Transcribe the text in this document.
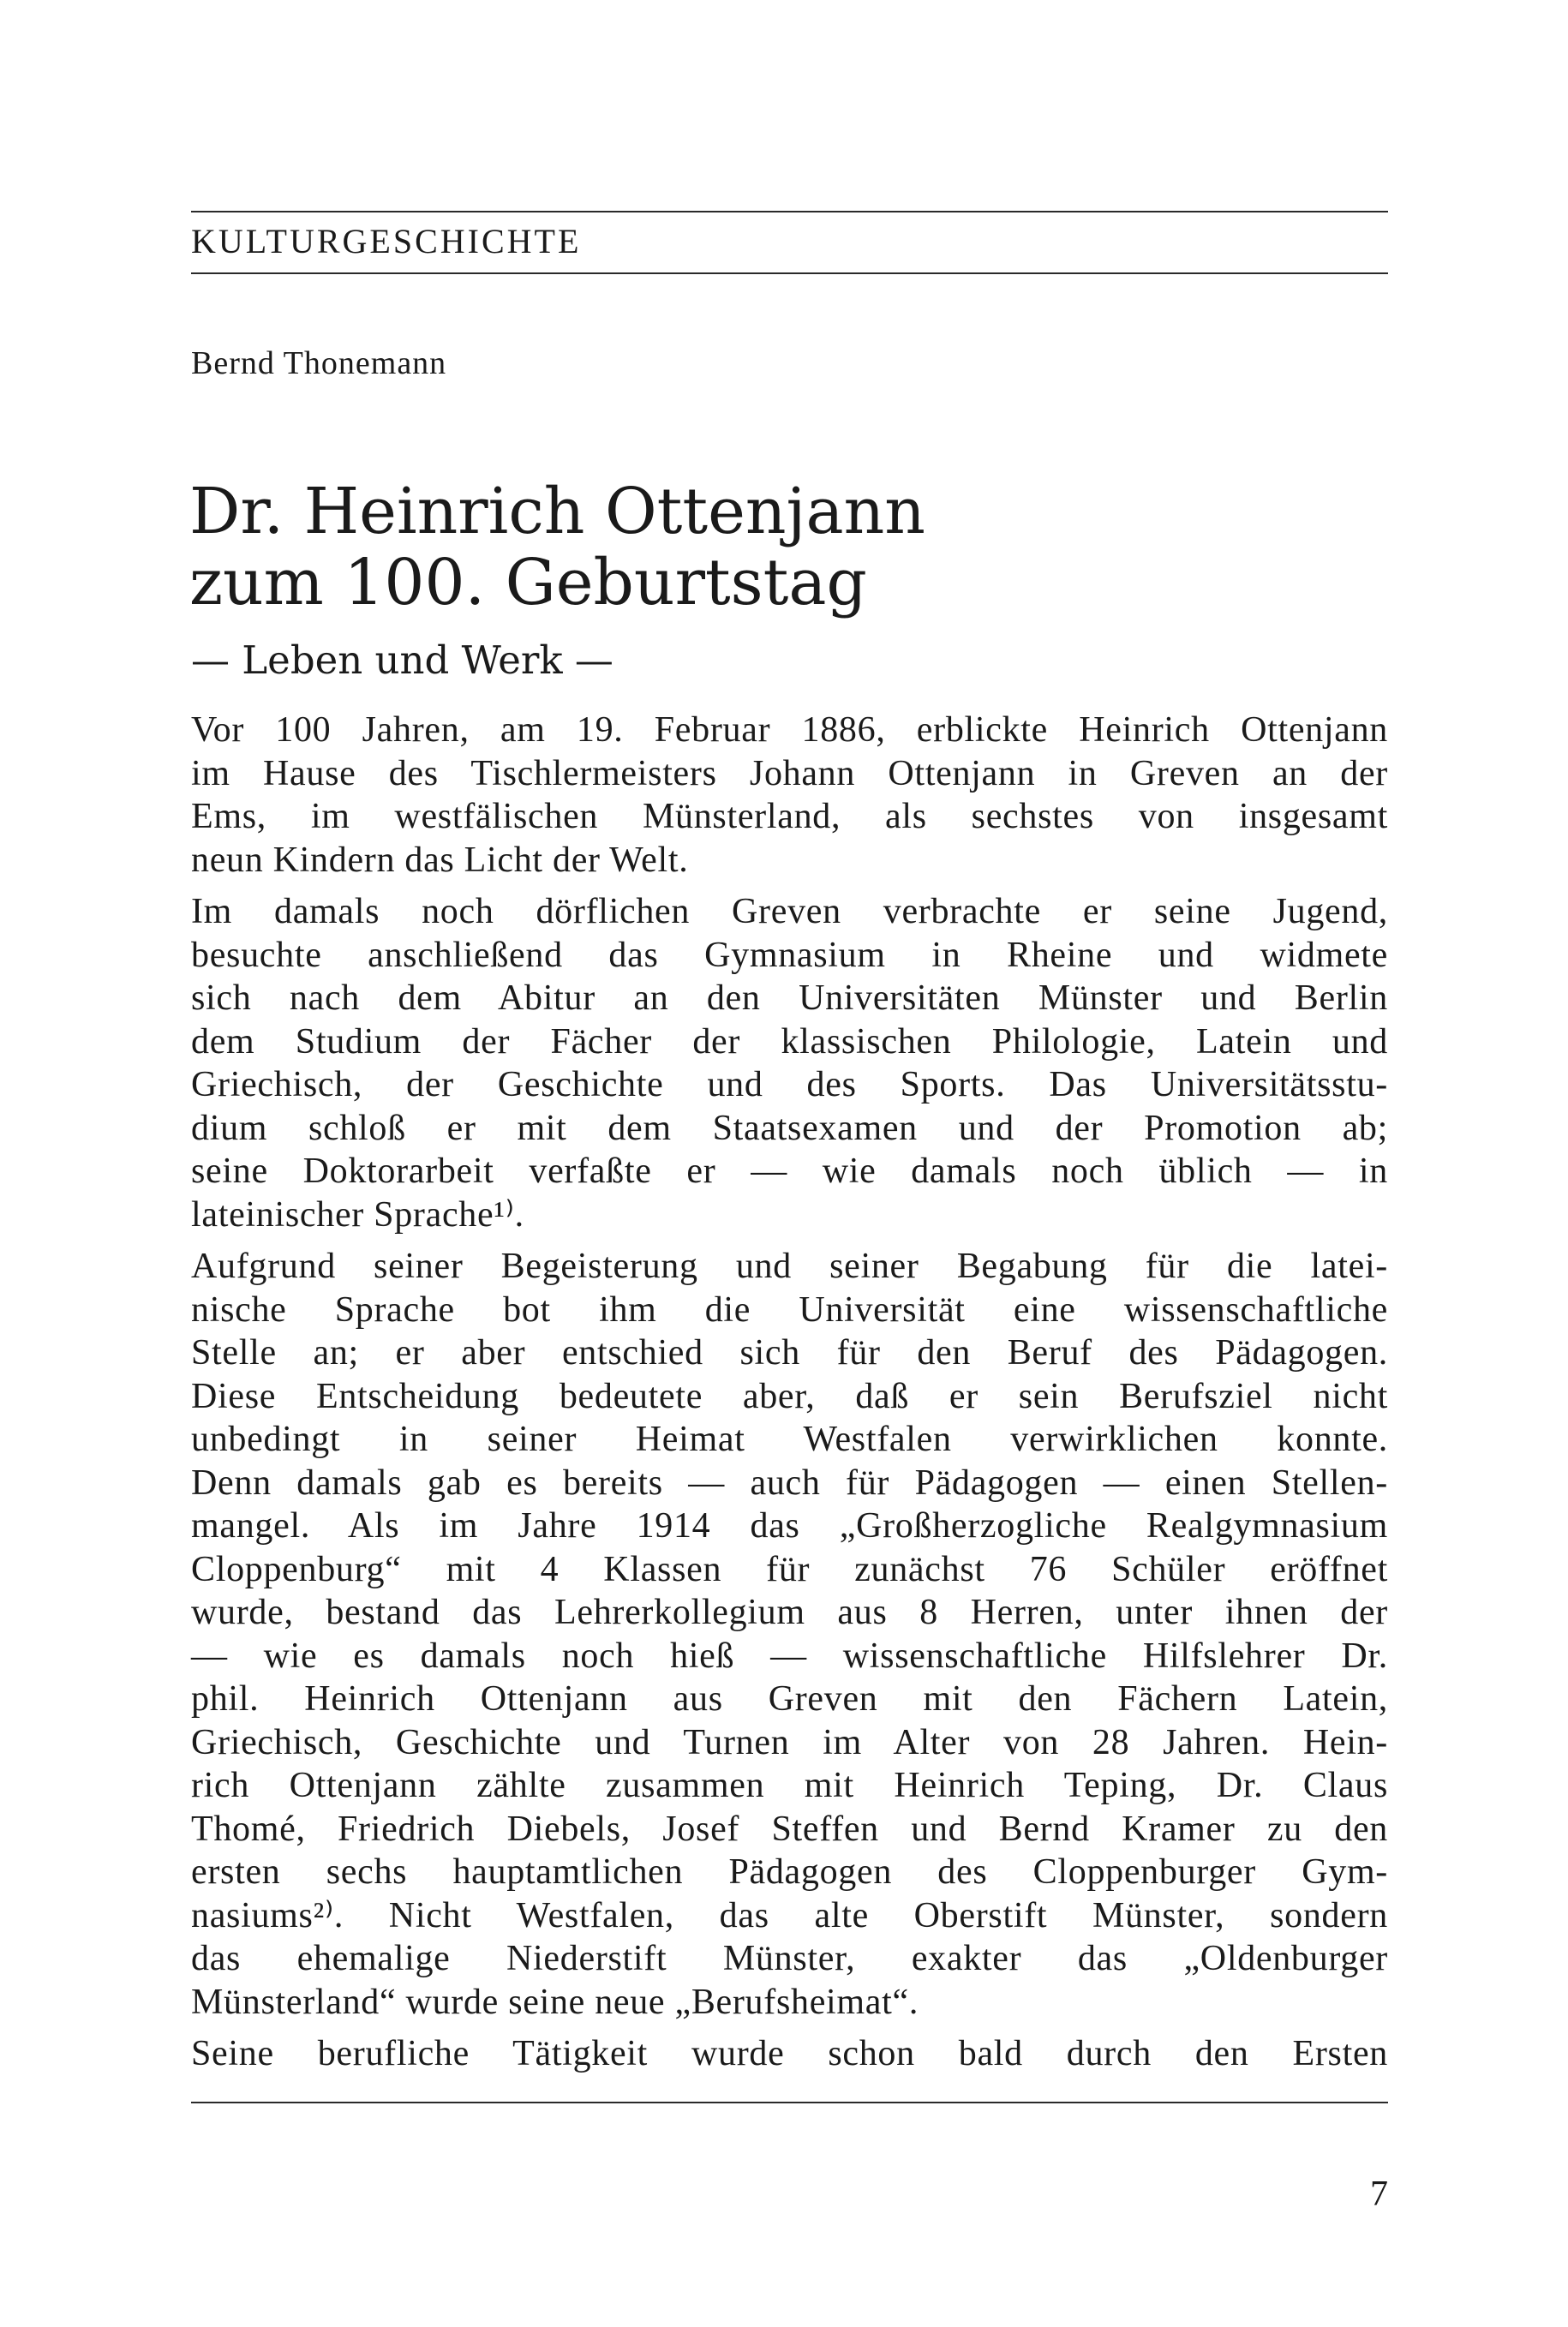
KULTURGESCHICHTE
Bernd Thonemann
Dr. Heinrich Ottenjann
zum 100. Geburtstag
— Leben und Werk —
Vor 100 Jahren, am 19. Februar 1886, erblickte Heinrich Ottenjann
im Hause des Tischlermeisters Johann Ottenjann in Greven an der
Ems, im westfälischen Münsterland, als sechstes von insgesamt
neun Kindern das Licht der Welt.
Im damals noch dörflichen Greven verbrachte er seine Jugend,
besuchte anschließend das Gymnasium in Rheine und widmete
sich nach dem Abitur an den Universitäten Münster und Berlin
dem Studium der Fächer der klassischen Philologie, Latein und
Griechisch, der Geschichte und des Sports. Das Universitätsstu-
dium schloß er mit dem Staatsexamen und der Promotion ab;
seine Doktorarbeit verfaßte er — wie damals noch üblich — in
lateinischer Sprache¹⁾.
Aufgrund seiner Begeisterung und seiner Begabung für die latei-
nische Sprache bot ihm die Universität eine wissenschaftliche
Stelle an; er aber entschied sich für den Beruf des Pädagogen.
Diese Entscheidung bedeutete aber, daß er sein Berufsziel nicht
unbedingt in seiner Heimat Westfalen verwirklichen konnte.
Denn damals gab es bereits — auch für Pädagogen — einen Stellen-
mangel. Als im Jahre 1914 das „Großherzogliche Realgymnasium
Cloppenburg“ mit 4 Klassen für zunächst 76 Schüler eröffnet
wurde, bestand das Lehrerkollegium aus 8 Herren, unter ihnen der
— wie es damals noch hieß — wissenschaftliche Hilfslehrer Dr.
phil. Heinrich Ottenjann aus Greven mit den Fächern Latein,
Griechisch, Geschichte und Turnen im Alter von 28 Jahren. Hein-
rich Ottenjann zählte zusammen mit Heinrich Teping, Dr. Claus
Thomé, Friedrich Diebels, Josef Steffen und Bernd Kramer zu den
ersten sechs hauptamtlichen Pädagogen des Cloppenburger Gym-
nasiums²⁾. Nicht Westfalen, das alte Oberstift Münster, sondern
das ehemalige Niederstift Münster, exakter das „Oldenburger
Münsterland“ wurde seine neue „Berufsheimat“.
Seine berufliche Tätigkeit wurde schon bald durch den Ersten
7
